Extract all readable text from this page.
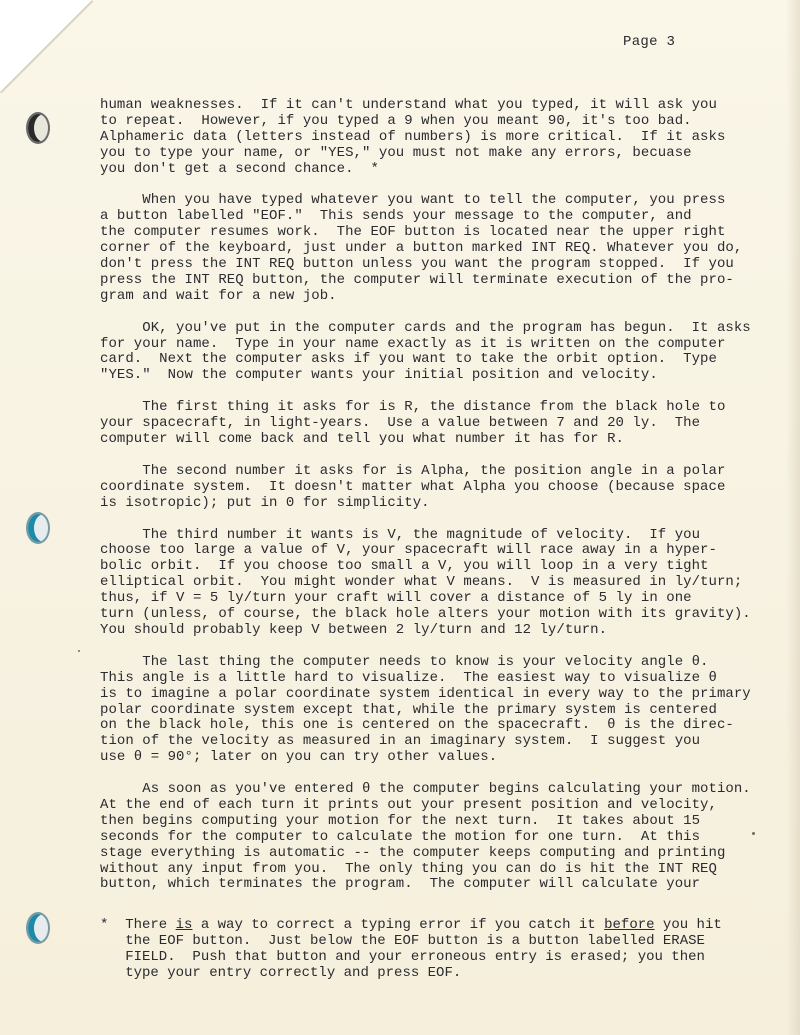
Page 3
human weaknesses.  If it can't understand what you typed, it will ask you
to repeat.  However, if you typed a 9 when you meant 90, it's too bad.
Alphameric data (letters instead of numbers) is more critical.  If it asks
you to type your name, or "YES," you must not make any errors, becuase
you don't get a second chance.  *
When you have typed whatever you want to tell the computer, you press
a button labelled "EOF."  This sends your message to the computer, and
the computer resumes work.  The EOF button is located near the upper right
corner of the keyboard, just under a button marked INT REQ. Whatever you do,
don't press the INT REQ button unless you want the program stopped.  If you
press the INT REQ button, the computer will terminate execution of the pro-
gram and wait for a new job.
OK, you've put in the computer cards and the program has begun.  It asks
for your name.  Type in your name exactly as it is written on the computer
card.  Next the computer asks if you want to take the orbit option.  Type
"YES."  Now the computer wants your initial position and velocity.
The first thing it asks for is R, the distance from the black hole to
your spacecraft, in light-years.  Use a value between 7 and 20 ly.  The
computer will come back and tell you what number it has for R.
The second number it asks for is Alpha, the position angle in a polar
coordinate system.  It doesn't matter what Alpha you choose (because space
is isotropic); put in 0 for simplicity.
The third number it wants is V, the magnitude of velocity.  If you
choose too large a value of V, your spacecraft will race away in a hyper-
bolic orbit.  If you choose too small a V, you will loop in a very tight
elliptical orbit.  You might wonder what V means.  V is measured in ly/turn;
thus, if V = 5 ly/turn your craft will cover a distance of 5 ly in one
turn (unless, of course, the black hole alters your motion with its gravity).
You should probably keep V between 2 ly/turn and 12 ly/turn.
The last thing the computer needs to know is your velocity angle θ.
This angle is a little hard to visualize.  The easiest way to visualize θ
is to imagine a polar coordinate system identical in every way to the primary
polar coordinate system except that, while the primary system is centered
on the black hole, this one is centered on the spacecraft.  θ is the direc-
tion of the velocity as measured in an imaginary system.  I suggest you
use θ = 90°; later on you can try other values.
As soon as you've entered θ the computer begins calculating your motion.
At the end of each turn it prints out your present position and velocity,
then begins computing your motion for the next turn.  It takes about 15
seconds for the computer to calculate the motion for one turn.  At this
stage everything is automatic -- the computer keeps computing and printing
without any input from you.  The only thing you can do is hit the INT REQ
button, which terminates the program.  The computer will calculate your
*  There is a way to correct a typing error if you catch it before you hit
the EOF button.  Just below the EOF button is a button labelled ERASE
FIELD.  Push that button and your erroneous entry is erased; you then
type your entry correctly and press EOF.
